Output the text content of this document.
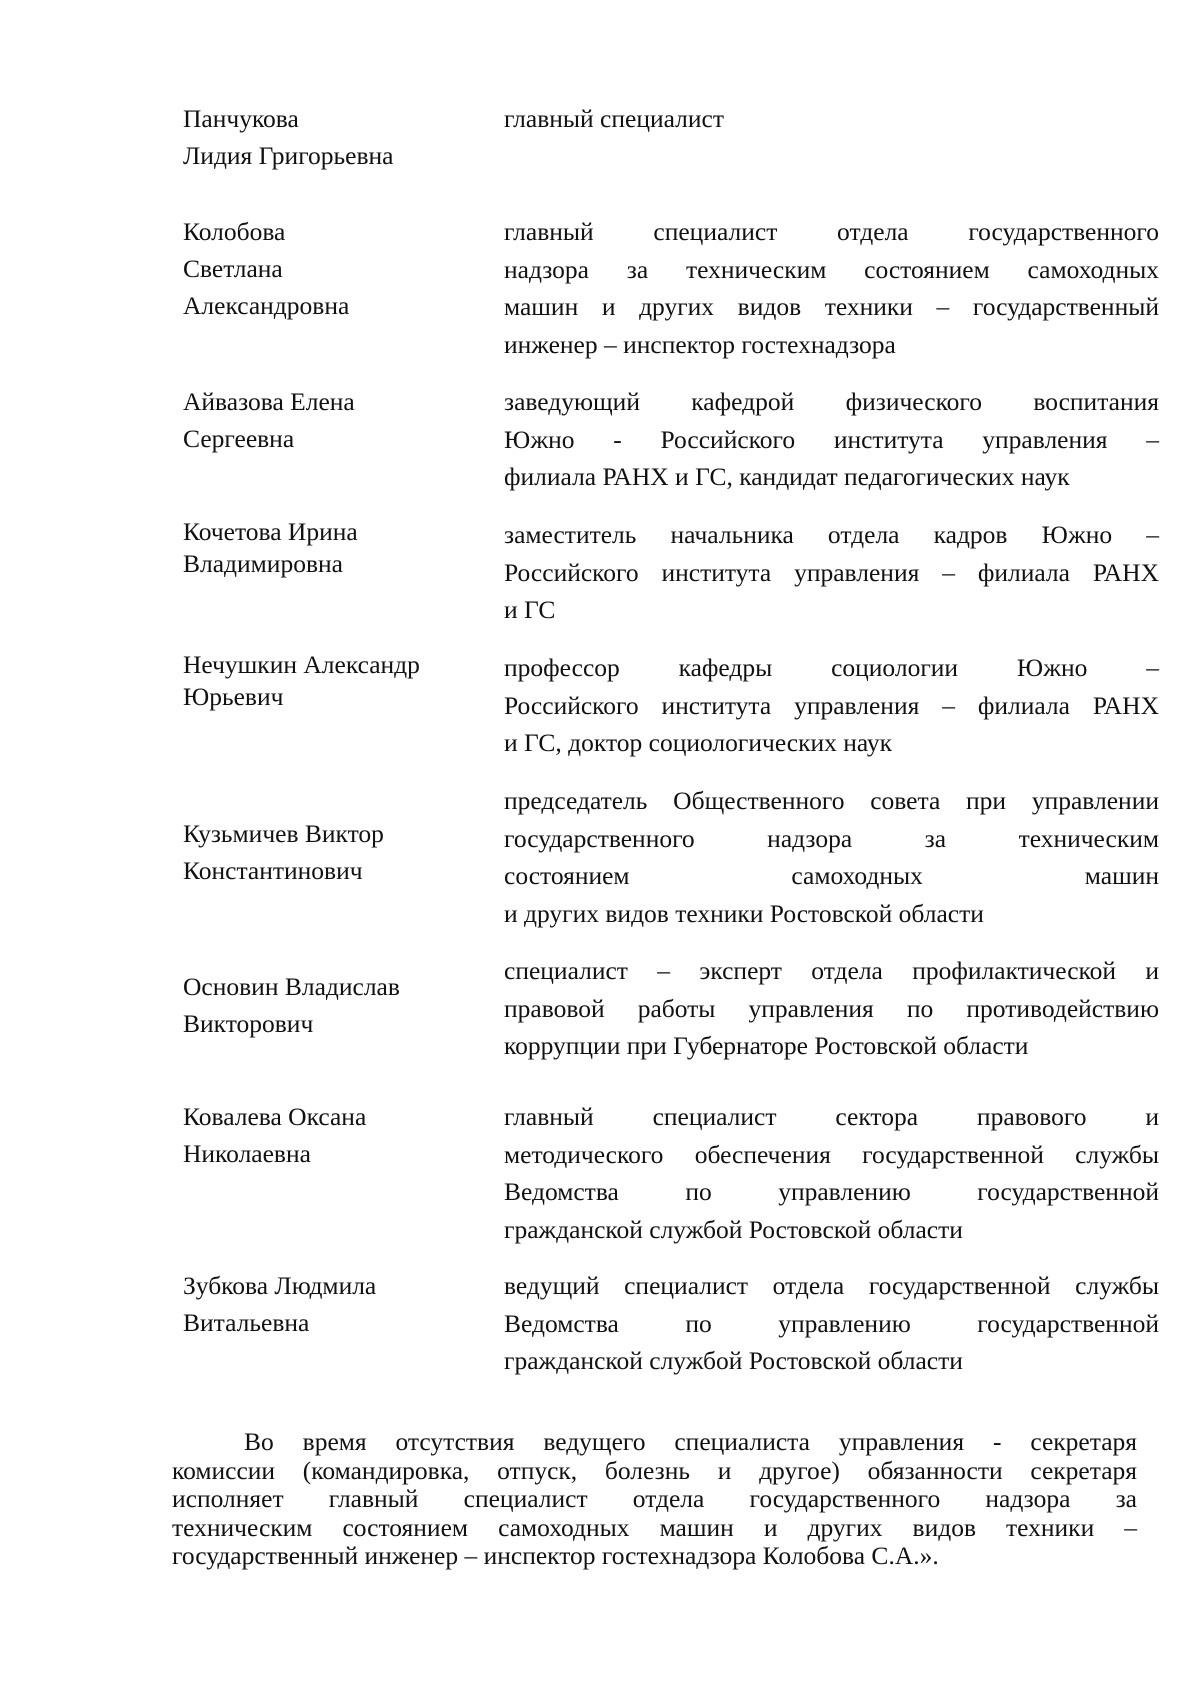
Панчукова
Лидия Григорьевна
главный специалист
Колобова
Светлана
Александровна
главный специалист отдела государственного
надзора за техническим состоянием самоходных
машин и других видов техники – государственный
инженер – инспектор гостехнадзора
Айвазова Елена
Сергеевна
заведующий кафедрой физического воспитания
Южно - Российского института управления –
филиала РАНХ и ГС, кандидат педагогических наук
Кочетова Ирина
Владимировна
заместитель начальника отдела кадров Южно –
Российского института управления – филиала РАНХ
и ГС
Нечушкин Александр
Юрьевич
профессор кафедры социологии Южно –
Российского института управления – филиала РАНХ
и ГС, доктор социологических наук
Кузьмичев Виктор
Константинович
председатель Общественного совета при управлении
государственного надзора за техническим
состоянием самоходных машин
и других видов техники Ростовской области
Основин Владислав
Викторович
специалист – эксперт отдела профилактической и
правовой работы управления по противодействию
коррупции при Губернаторе Ростовской области
Ковалева Оксана
Николаевна
главный специалист сектора правового и
методического обеспечения государственной службы
Ведомства по управлению государственной
гражданской службой Ростовской области
Зубкова Людмила
Витальевна
ведущий специалист отдела государственной службы
Ведомства по управлению государственной
гражданской службой Ростовской области
Во время отсутствия ведущего специалиста управления - секретаря
комиссии (командировка, отпуск, болезнь и другое) обязанности секретаря
исполняет главный специалист отдела государственного надзора за
техническим состоянием самоходных машин и других видов техники –
государственный инженер – инспектор гостехнадзора Колобова С.А.».
